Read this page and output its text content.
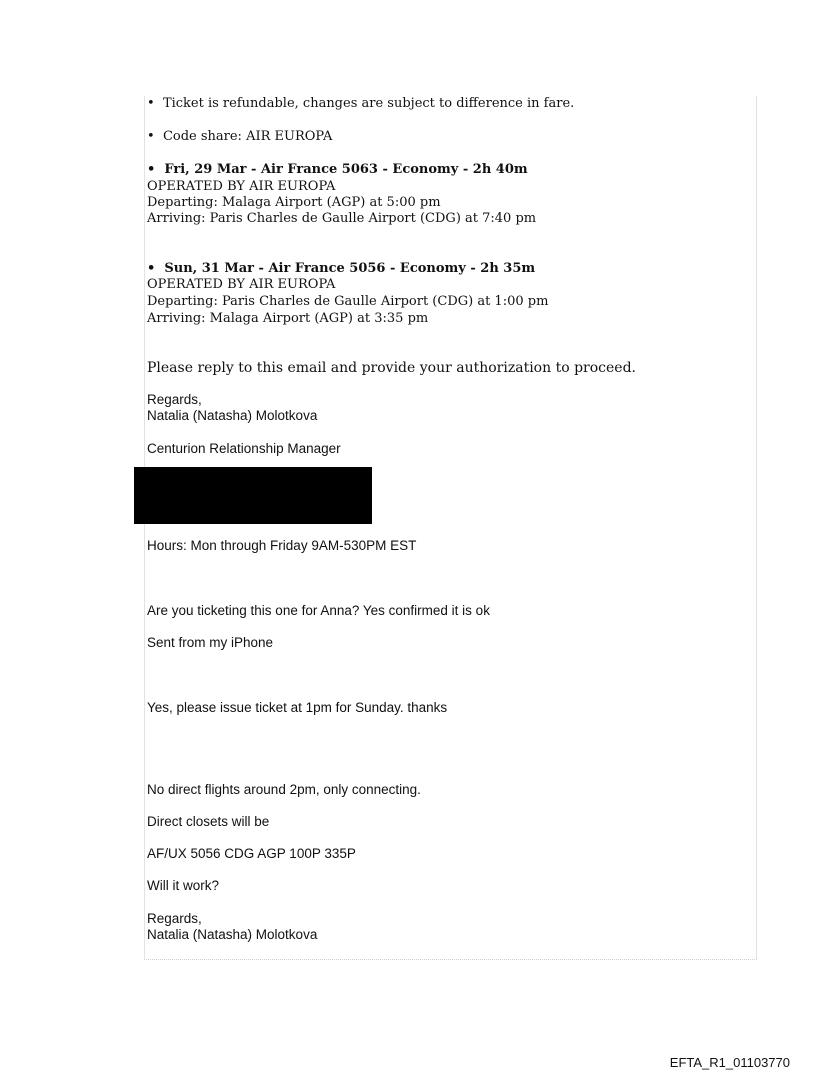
• Ticket is refundable, changes are subject to difference in fare.
• Code share: AIR EUROPA
• Fri, 29 Mar - Air France 5063 - Economy - 2h 40m
OPERATED BY AIR EUROPA
Departing: Malaga Airport (AGP) at 5:00 pm
Arriving: Paris Charles de Gaulle Airport (CDG) at 7:40 pm
• Sun, 31 Mar - Air France 5056 - Economy - 2h 35m
OPERATED BY AIR EUROPA
Departing: Paris Charles de Gaulle Airport (CDG) at 1:00 pm
Arriving: Malaga Airport (AGP) at 3:35 pm
Please reply to this email and provide your authorization to proceed.
Regards,
Natalia (Natasha) Molotkova
Centurion Relationship Manager
Hours: Mon through Friday 9AM-530PM EST
Are you ticketing this one for Anna? Yes confirmed it is ok
Sent from my iPhone
Yes, please issue ticket at 1pm for Sunday. thanks
No direct flights around 2pm, only connecting.
Direct closets will be
AF/UX 5056 CDG AGP 100P 335P
Will it work?
Regards,
Natalia (Natasha) Molotkova
EFTA_R1_01103770
